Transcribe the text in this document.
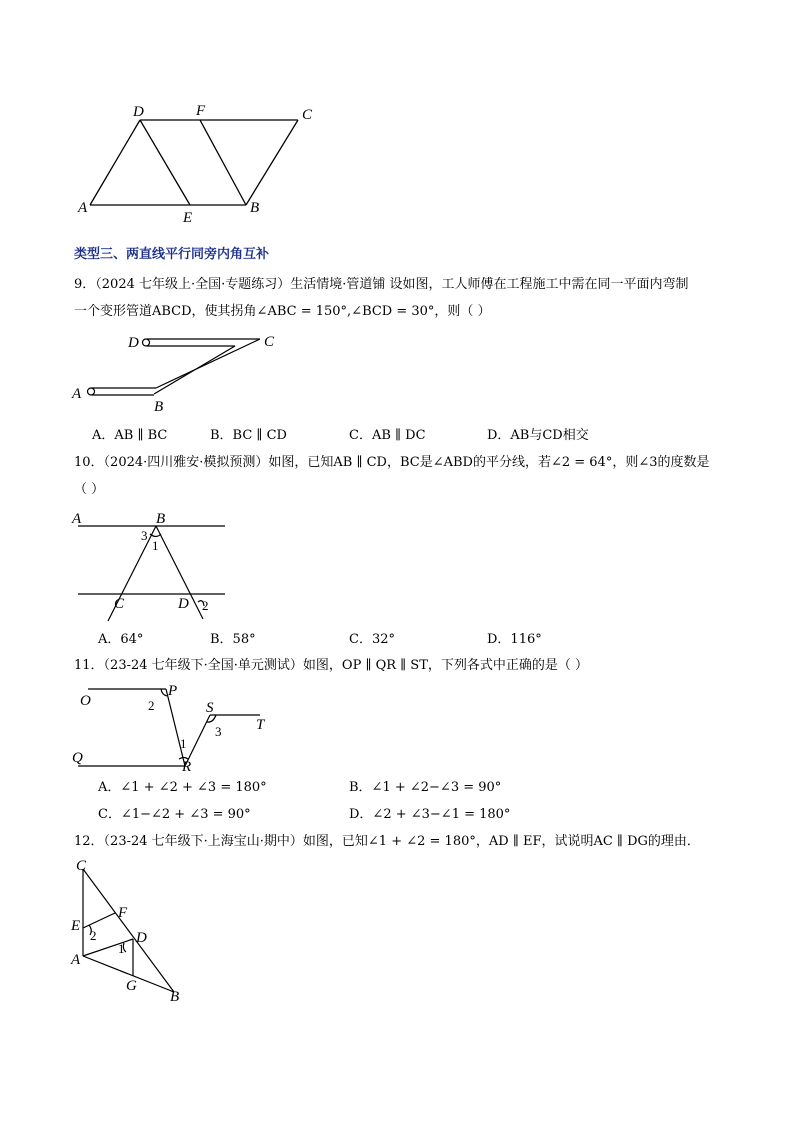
D	F	C
A
E
B
类型三、两直线平行同旁内角互补
9．（2024 七年级上·全国·专题练习）生活情境·管道铺 设如图，工人师傅在工程施工中需在同一平面内弯制
一个变形管道ABCD，使其拐角∠ABC = 150°,∠BCD = 30°，则（ ）
D	C
A
B
A．AB ∥ BC	B．BC ∥ CD	C．AB ∥ DC	D．AB与CD相交
10．（2024·四川雅安·模拟预测）如图，已知AB ∥ CD，BC是∠ABD的平分线，若∠2 = 64°，则∠3的度数是
（ ）
A	B
C	D
3
1
2
A．64°	B．58°	C．32°	D．116°
11．（23-24 七年级下·全国·单元测试）如图，OP ∥ QR ∥ ST，下列各式中正确的是（ ）
O
P
Q
R
S
T
2
1
3
A．∠1 + ∠2 + ∠3 = 180°	B．∠1 + ∠2−∠3 = 90°
C．∠1−∠2 + ∠3 = 90°	D．∠2 + ∠3−∠1 = 180°
12．（23-24 七年级下·上海宝山·期中）如图，已知∠1 + ∠2 = 180°，AD ∥ EF，试说明AC ∥ DG的理由．
C
E
F
D
A
G
B
2
1
